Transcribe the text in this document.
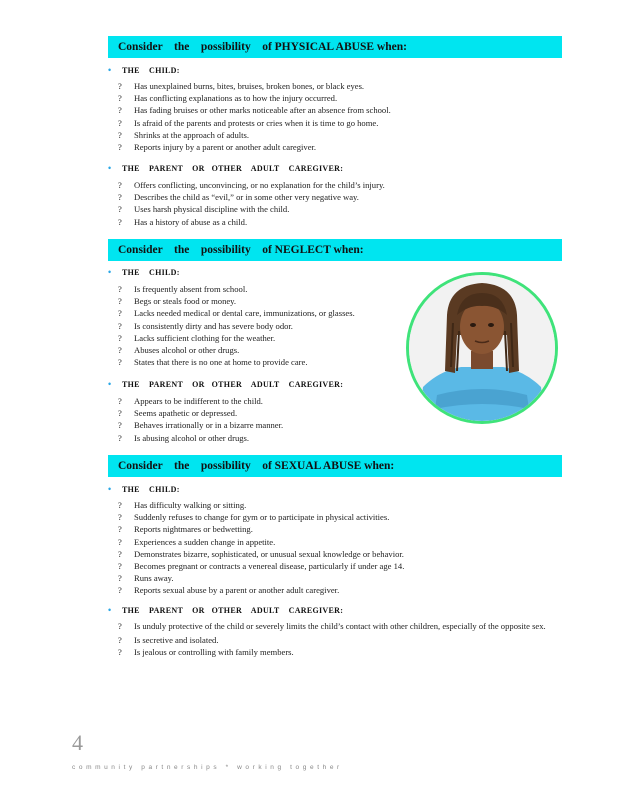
Consider    the    possibility    of PHYSICAL ABUSE when:
• THE    CHILD:
? Has unexplained burns, bites, bruises, broken bones, or black eyes.
? Has conflicting explanations as to how the injury occurred.
? Has fading bruises or other marks noticeable after an absence from school.
? Is afraid of the parents and protests or cries when it is time to go home.
? Shrinks at the approach of adults.
? Reports injury by a parent or another adult caregiver.
• THE    PARENT    OR   OTHER    ADULT    CAREGIVER:
? Offers conflicting, unconvincing, or no explanation for the child’s injury.
? Describes the child as “evil,” or in some other very negative way.
? Uses harsh physical discipline with the child.
? Has a history of abuse as a child.
Consider    the    possibility    of NEGLECT when:
• THE    CHILD:
? Is frequently absent from school.
? Begs or steals food or money.
? Lacks needed medical or dental care, immunizations, or glasses.
? Is consistently dirty and has severe body odor.
? Lacks sufficient clothing for the weather.
? Abuses alcohol or other drugs.
? States that there is no one at home to provide care.
• THE    PARENT    OR   OTHER    ADULT    CAREGIVER:
? Appears to be indifferent to the child.
? Seems apathetic or depressed.
? Behaves irrationally or in a bizarre manner.
? Is abusing alcohol or other drugs.
Consider    the    possibility    of SEXUAL ABUSE when:
• THE    CHILD:
? Has difficulty walking or sitting.
? Suddenly refuses to change for gym or to participate in physical activities.
? Reports nightmares or bedwetting.
? Experiences a sudden change in appetite.
? Demonstrates bizarre, sophisticated, or unusual sexual knowledge or behavior.
? Becomes pregnant or contracts a venereal disease, particularly if under age 14.
? Runs away.
? Reports sexual abuse by a parent or another adult caregiver.
• THE    PARENT    OR   OTHER    ADULT    CAREGIVER:
? Is unduly protective of the child or severely limits the child’s contact with other children, especially of the opposite sex.
? Is secretive and isolated.
? Is jealous or controlling with family members.
4
community partnerships * working together
